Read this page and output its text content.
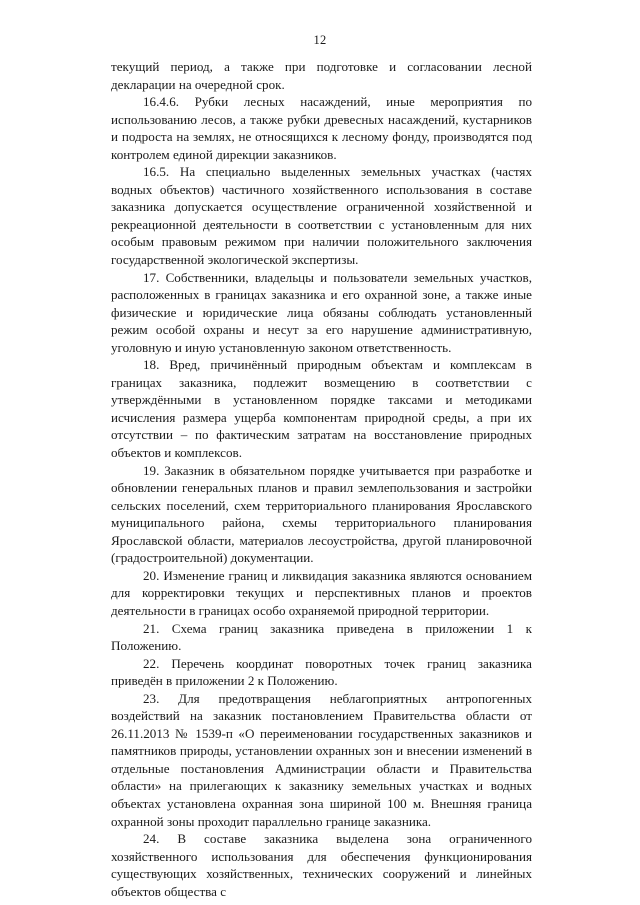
12

текущий период, а также при подготовке и согласовании лесной декларации на очередной срок.

16.4.6. Рубки лесных насаждений, иные мероприятия по использованию лесов, а также рубки древесных насаждений, кустарников и подроста на землях, не относящихся к лесному фонду, производятся под контролем единой дирекции заказников.

16.5. На специально выделенных земельных участках (частях водных объектов) частичного хозяйственного использования в составе заказника допускается осуществление ограниченной хозяйственной и рекреационной деятельности в соответствии с установленным для них особым правовым режимом при наличии положительного заключения государственной экологической экспертизы.

17. Собственники, владельцы и пользователи земельных участков, расположенных в границах заказника и его охранной зоне, а также иные физические и юридические лица обязаны соблюдать установленный режим особой охраны и несут за его нарушение административную, уголовную и иную установленную законом ответственность.

18. Вред, причинённый природным объектам и комплексам в границах заказника, подлежит возмещению в соответствии с утверждёнными в установленном порядке таксами и методиками исчисления размера ущерба компонентам природной среды, а при их отсутствии – по фактическим затратам на восстановление природных объектов и комплексов.

19. Заказник в обязательном порядке учитывается при разработке и обновлении генеральных планов и правил землепользования и застройки сельских поселений, схем территориального планирования Ярославского муниципального района, схемы территориального планирования Ярославской области, материалов лесоустройства, другой планировочной (градостроительной) документации.

20. Изменение границ и ликвидация заказника являются основанием для корректировки текущих и перспективных планов и проектов деятельности в границах особо охраняемой природной территории.

21. Схема границ заказника приведена в приложении 1 к Положению.

22. Перечень координат поворотных точек границ заказника приведён в приложении 2 к Положению.

23. Для предотвращения неблагоприятных антропогенных воздействий на заказник постановлением Правительства области от 26.11.2013 № 1539-п «О переименовании государственных заказников и памятников природы, установлении охранных зон и внесении изменений в отдельные постановления Администрации области и Правительства области» на прилегающих к заказнику земельных участках и водных объектах установлена охранная зона шириной 100 м. Внешняя граница охранной зоны проходит параллельно границе заказника.

24. В составе заказника выделена зона ограниченного хозяйственного использования для обеспечения функционирования существующих хозяйственных, технических сооружений и линейных объектов общества с
